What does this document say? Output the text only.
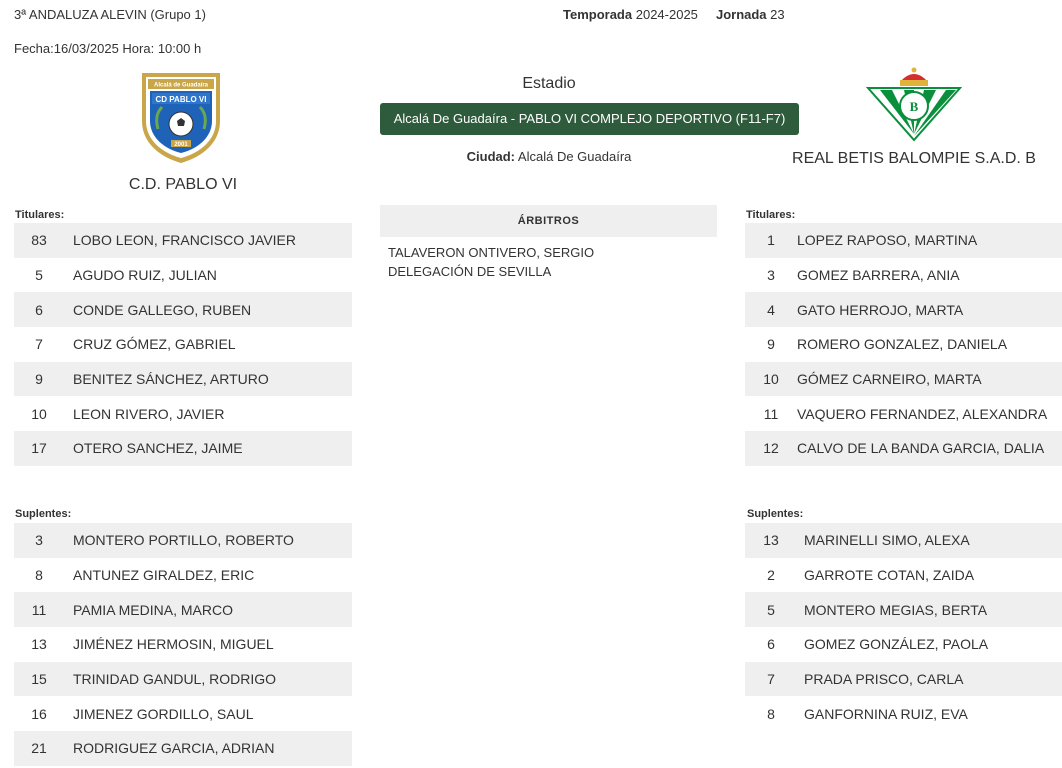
3ª ANDALUZA ALEVIN (Grupo 1)	Temporada 2024-2025 Jornada 23
Fecha:16/03/2025 Hora: 10:00 h
Alcalá de Guadaíra
CD PABLO VI
2001
C.D. PABLO VI
Estadio
Alcalá De Guadaíra - PABLO VI COMPLEJO DEPORTIVO (F11-F7)
Ciudad: Alcalá De Guadaíra
B
REAL BETIS BALOMPIE S.A.D. B
Titulares:
83	LOBO LEON, FRANCISCO JAVIER
5	AGUDO RUIZ, JULIAN
6	CONDE GALLEGO, RUBEN
7	CRUZ GÓMEZ, GABRIEL
9	BENITEZ SÁNCHEZ, ARTURO
10	LEON RIVERO, JAVIER
17	OTERO SANCHEZ, JAIME
Suplentes:
3	MONTERO PORTILLO, ROBERTO
8	ANTUNEZ GIRALDEZ, ERIC
11	PAMIA MEDINA, MARCO
13	JIMÉNEZ HERMOSIN, MIGUEL
15	TRINIDAD GANDUL, RODRIGO
16	JIMENEZ GORDILLO, SAUL
21	RODRIGUEZ GARCIA, ADRIAN
ÁRBITROS
TALAVERON ONTIVERO, SERGIO
DELEGACIÓN DE SEVILLA
Titulares:
1	LOPEZ RAPOSO, MARTINA
3	GOMEZ BARRERA, ANIA
4	GATO HERROJO, MARTA
9	ROMERO GONZALEZ, DANIELA
10	GÓMEZ CARNEIRO, MARTA
11	VAQUERO FERNANDEZ, ALEXANDRA
12	CALVO DE LA BANDA GARCIA, DALIA
Suplentes:
13	MARINELLI SIMO, ALEXA
2	GARROTE COTAN, ZAIDA
5	MONTERO MEGIAS, BERTA
6	GOMEZ GONZÁLEZ, PAOLA
7	PRADA PRISCO, CARLA
8	GANFORNINA RUIZ, EVA
